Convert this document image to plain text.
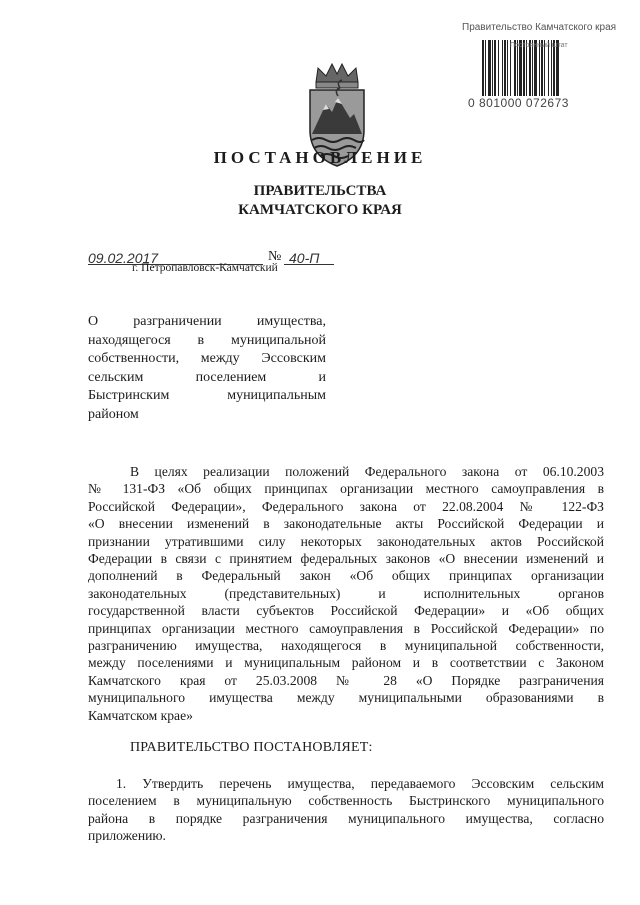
Правительство Камчатского края
Постоянный штат
0 801000 072673
ПОСТАНОВЛЕНИЕ
ПРАВИТЕЛЬСТВА
КАМЧАТСКОГО КРАЯ
09.02.2017	№ 40-П
г. Петропавловск-Камчатский
О разграничении имущества,
находящегося в муниципальной
собственности, между Эссовским
сельским поселением и
Быстринским муниципальным
районом
В целях реализации положений Федерального закона от 06.10.2003
№ 131-ФЗ «Об общих принципах организации местного самоуправления в
Российской Федерации», Федерального закона от 22.08.2004 № 122-ФЗ
«О внесении изменений в законодательные акты Российской Федерации и
признании утратившими силу некоторых законодательных актов Российской
Федерации в связи с принятием федеральных законов «О внесении изменений и
дополнений в Федеральный закон «Об общих принципах организации
законодательных (представительных) и исполнительных органов
государственной власти субъектов Российской Федерации» и «Об общих
принципах организации местного самоуправления в Российской Федерации» по
разграничению имущества, находящегося в муниципальной собственности,
между поселениями и муниципальным районом и в соответствии с Законом
Камчатского края от 25.03.2008 № 28 «О Порядке разграничения
муниципального имущества между муниципальными образованиями в
Камчатском крае»
ПРАВИТЕЛЬСТВО ПОСТАНОВЛЯЕТ:
1. Утвердить перечень имущества, передаваемого Эссовским сельским
поселением в муниципальную собственность Быстринского муниципального
района в порядке разграничения муниципального имущества, согласно
приложению.
